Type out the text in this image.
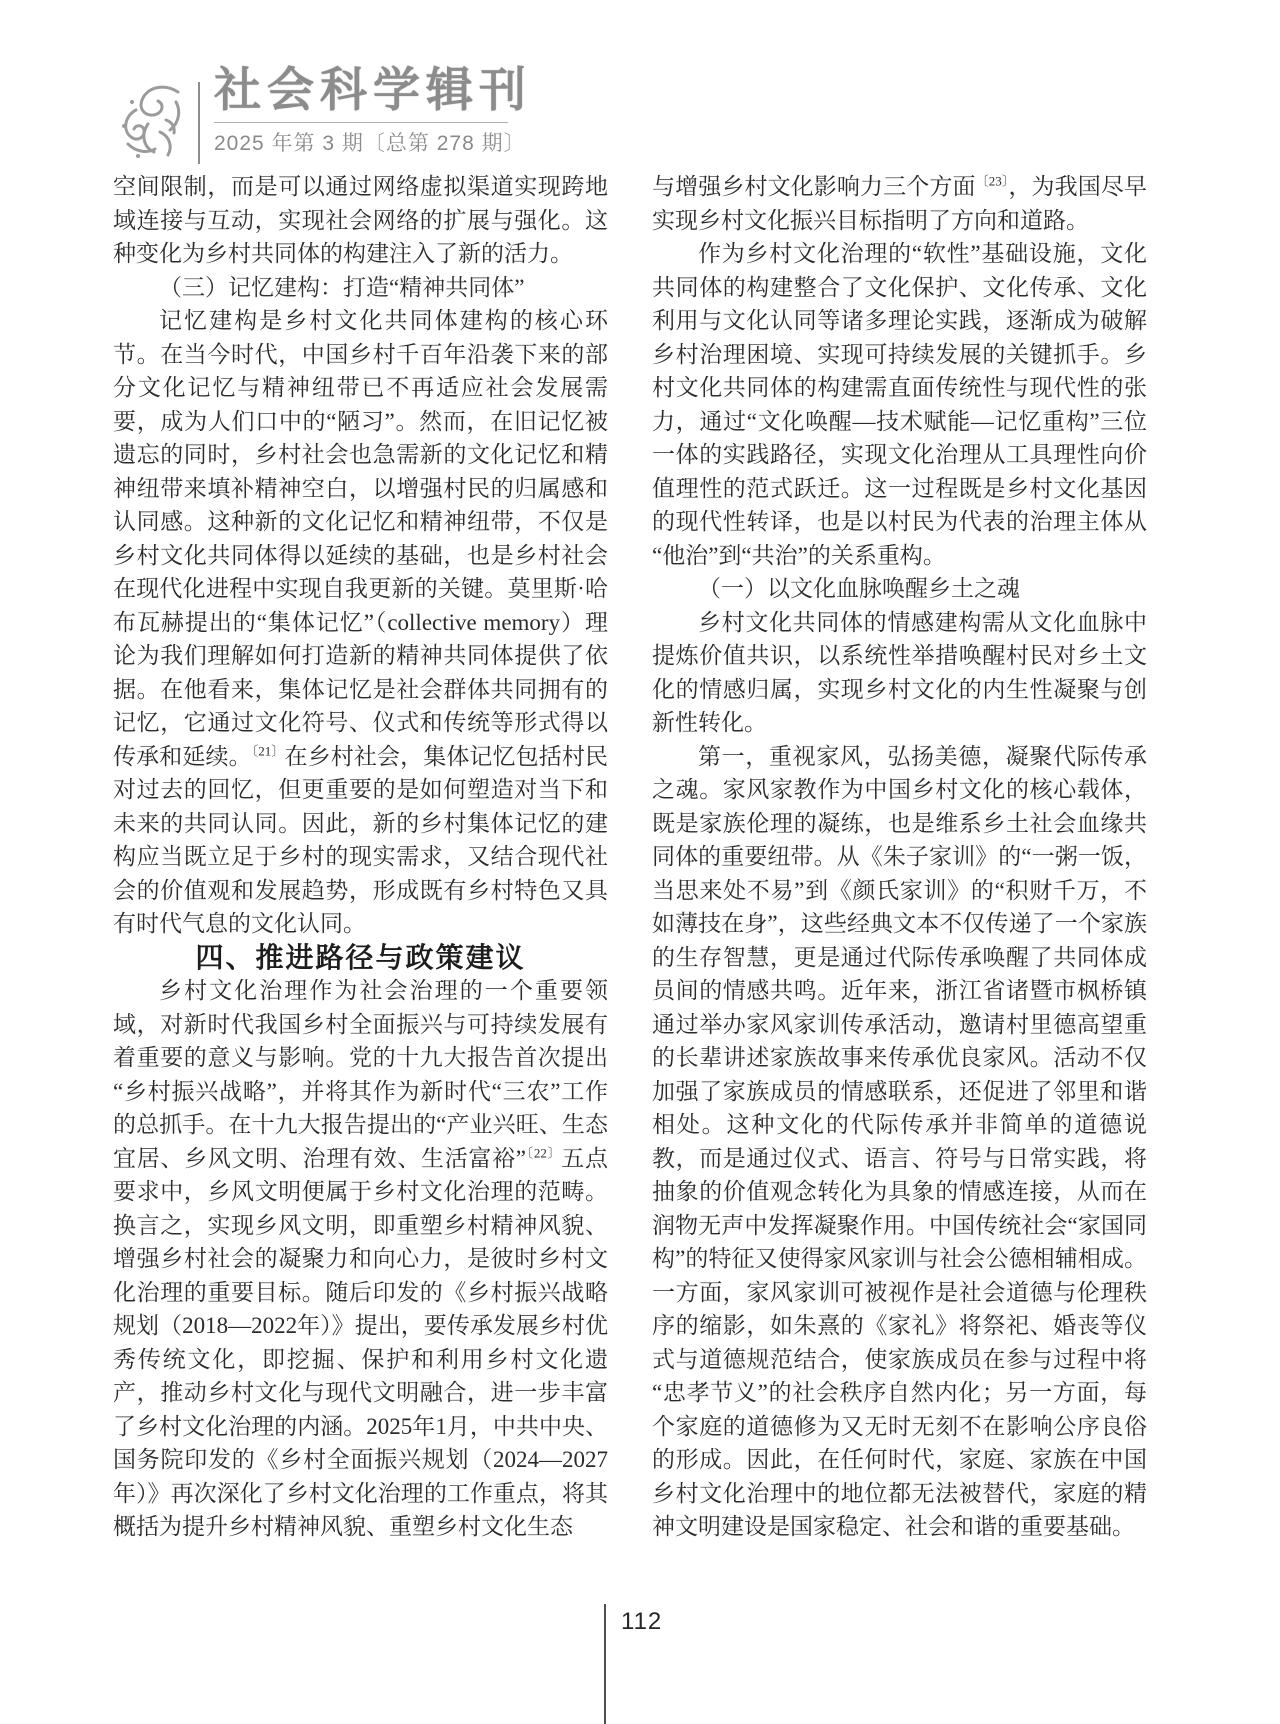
社会科学辑刊
2025 年第 3 期〔总第 278 期〕

空间限制，而是可以通过网络虚拟渠道实现跨地域连接与互动，实现社会网络的扩展与强化。这种变化为乡村共同体的构建注入了新的活力。

（三）记忆建构：打造“精神共同体”

记忆建构是乡村文化共同体建构的核心环节。在当今时代，中国乡村千百年沿袭下来的部分文化记忆与精神纽带已不再适应社会发展需要，成为人们口中的“陋习”。然而，在旧记忆被遗忘的同时，乡村社会也急需新的文化记忆和精神纽带来填补精神空白，以增强村民的归属感和认同感。这种新的文化记忆和精神纽带，不仅是乡村文化共同体得以延续的基础，也是乡村社会在现代化进程中实现自我更新的关键。莫里斯·哈布瓦赫提出的“集体记忆”（collective memory）理论为我们理解如何打造新的精神共同体提供了依据。在他看来，集体记忆是社会群体共同拥有的记忆，它通过文化符号、仪式和传统等形式得以传承和延续。$^{〔21〕}$在乡村社会，集体记忆包括村民对过去的回忆，但更重要的是如何塑造对当下和未来的共同认同。因此，新的乡村集体记忆的建构应当既立足于乡村的现实需求，又结合现代社会的价值观和发展趋势，形成既有乡村特色又具有时代气息的文化认同。

四、推进路径与政策建议

乡村文化治理作为社会治理的一个重要领域，对新时代我国乡村全面振兴与可持续发展有着重要的意义与影响。党的十九大报告首次提出“乡村振兴战略”，并将其作为新时代“三农”工作的总抓手。在十九大报告提出的“产业兴旺、生态宜居、乡风文明、治理有效、生活富裕”$^{〔22〕}$五点要求中，乡风文明便属于乡村文化治理的范畴。换言之，实现乡风文明，即重塑乡村精神风貌、增强乡村社会的凝聚力和向心力，是彼时乡村文化治理的重要目标。随后印发的《乡村振兴战略规划（2018—2022年）》提出，要传承发展乡村优秀传统文化，即挖掘、保护和利用乡村文化遗产，推动乡村文化与现代文明融合，进一步丰富了乡村文化治理的内涵。2025年1月，中共中央、国务院印发的《乡村全面振兴规划（2024—2027年）》再次深化了乡村文化治理的工作重点，将其概括为提升乡村精神风貌、重塑乡村文化生态

与增强乡村文化影响力三个方面$^{〔23〕}$，为我国尽早实现乡村文化振兴目标指明了方向和道路。

作为乡村文化治理的“软性”基础设施，文化共同体的构建整合了文化保护、文化传承、文化利用与文化认同等诸多理论实践，逐渐成为破解乡村治理困境、实现可持续发展的关键抓手。乡村文化共同体的构建需直面传统性与现代性的张力，通过“文化唤醒—技术赋能—记忆重构”三位一体的实践路径，实现文化治理从工具理性向价值理性的范式跃迁。这一过程既是乡村文化基因的现代性转译，也是以村民为代表的治理主体从“他治”到“共治”的关系重构。

（一）以文化血脉唤醒乡土之魂

乡村文化共同体的情感建构需从文化血脉中提炼价值共识，以系统性举措唤醒村民对乡土文化的情感归属，实现乡村文化的内生性凝聚与创新性转化。

第一，重视家风，弘扬美德，凝聚代际传承之魂。家风家教作为中国乡村文化的核心载体，既是家族伦理的凝练，也是维系乡土社会血缘共同体的重要纽带。从《朱子家训》的“一粥一饭，当思来处不易”到《颜氏家训》的“积财千万，不如薄技在身”，这些经典文本不仅传递了一个家族的生存智慧，更是通过代际传承唤醒了共同体成员间的情感共鸣。近年来，浙江省诸暨市枫桥镇通过举办家风家训传承活动，邀请村里德高望重的长辈讲述家族故事来传承优良家风。活动不仅加强了家族成员的情感联系，还促进了邻里和谐相处。这种文化的代际传承并非简单的道德说教，而是通过仪式、语言、符号与日常实践，将抽象的价值观念转化为具象的情感连接，从而在润物无声中发挥凝聚作用。中国传统社会“家国同构”的特征又使得家风家训与社会公德相辅相成。一方面，家风家训可被视作是社会道德与伦理秩序的缩影，如朱熹的《家礼》将祭祀、婚丧等仪式与道德规范结合，使家族成员在参与过程中将“忠孝节义”的社会秩序自然内化；另一方面，每个家庭的道德修为又无时无刻不在影响公序良俗的形成。因此，在任何时代，家庭、家族在中国乡村文化治理中的地位都无法被替代，家庭的精神文明建设是国家稳定、社会和谐的重要基础。

112
